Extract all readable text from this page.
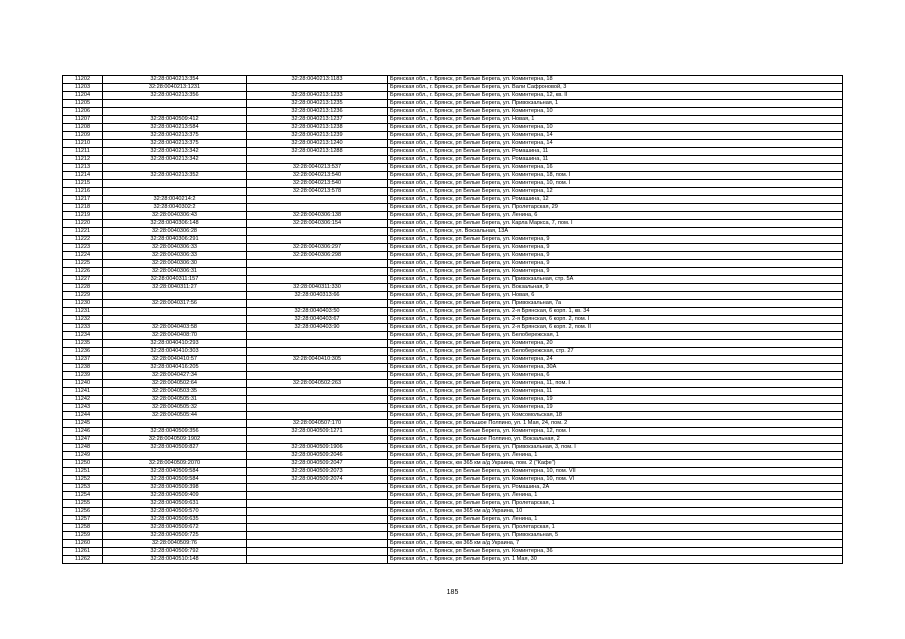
11202	32:28:0040213:354	32:28:0040213:1183	Брянская обл., г. Брянск, рп Белые Берега, ул. Коминтерна, 18
11203	32:28:0040213:1231		Брянская обл., г. Брянск, рп Белые Берега, ул. Вали Сафроновой, 3
11204	32:28:0040213:356	32:28:0040213:1233	Брянская обл., г. Брянск, рп Белые Берега, ул. Коминтерна, 12, кв. II
11205		32:28:0040213:1235	Брянская обл., г. Брянск, рп Белые Берега, ул. Привокзальная, 1
11206		32:28:0040213:1236	Брянская обл., г. Брянск, рп Белые Берега, ул. Коминтерна, 10
11207	32:28:0040509:412	32:28:0040213:1237	Брянская обл., г. Брянск, рп Белые Берега, ул. Новая, 1
11208	32:28:0040213:584	32:28:0040213:1238	Брянская обл., г. Брянск, рп Белые Берега, ул. Коминтерна, 10
11209	32:28:0040213:375	32:28:0040213:1239	Брянская обл., г. Брянск, рп Белые Берега, ул. Коминтерна, 14
11210	32:28:0040213:375	32:28:0040213:1240	Брянская обл., г. Брянск, рп Белые Берега, ул. Коминтерна, 14
11211	32:28:0040213:342	32:28:0040213:1288	Брянская обл., г. Брянск, рп Белые Берега, ул. Ромашина, 11
11212	32:28:0040213:342		Брянская обл., г. Брянск, рп Белые Берега, ул. Ромашина, 11
11213		32:28:0040213:537	Брянская обл., г. Брянск, рп Белые Берега, ул. Коминтерна, 16
11214	32:28:0040213:352	32:28:0040213:540	Брянская обл., г. Брянск, рп Белые Берега, ул. Коминтерна, 18, пом. I
11215		32:28:0040213:540	Брянская обл., г. Брянск, рп Белые Берега, ул. Коминтерна, 10, пом. I
11216		32:28:0040213:578	Брянская обл., г. Брянск, рп Белые Берега, ул. Коминтерна, 12
11217	32:28:0040214:2		Брянская обл., г. Брянск, рп Белые Берега, ул. Ромашина, 12
11218	32:28:0040302:2		Брянская обл., г. Брянск, рп Белые Берега, ул. Пролетарская, 29
11219	32:28:0040306:43	32:28:0040306:138	Брянская обл., г. Брянск, рп Белые Берега, ул. Ленина, 6
11220	32:28:0040306:148	32:28:0040306:154	Брянская обл., г. Брянск, рп Белые Берега, ул. Карла Маркса, 7, пом. I
11221	32:28:0040306:28		Брянская обл., г. Брянск, ул. Вокзальная, 13А
11222	32:28:0040306:291		Брянская обл., г. Брянск, рп Белые Берега, ул. Коминтерна, 9
11223	32:28:0040306:33	32:28:0040306:297	Брянская обл., г. Брянск, рп Белые Берега, ул. Коминтерна, 9
11224	32:28:0040306:33	32:28:0040306:298	Брянская обл., г. Брянск, рп Белые Берега, ул. Коминтерна, 9
11225	32:28:0040306:30		Брянская обл., г. Брянск, рп Белые Берега, ул. Коминтерна, 9
11226	32:28:0040306:31		Брянская обл., г. Брянск, рп Белые Берега, ул. Коминтерна, 9
11227	32:28:0040311:157		Брянская обл., г. Брянск, рп Белые Берега, ул. Привокзальная, стр. 5А
11228	32:28:0040311:27	32:28:0040311:330	Брянская обл., г. Брянск, рп Белые Берега, ул. Вокзальная, 9
11229		32:28:0040313:66	Брянская обл., г. Брянск, рп Белые Берега, ул. Новая, 6
11230	32:28:0040317:56		Брянская обл., г. Брянск, рп Белые Берега, ул. Привокзальная, 7а
11231		32:28:0040403:50	Брянская обл., г. Брянск, рп Белые Берега, ул. 2-я Брянская, 6 корп. 1, кв. 34
11232		32:28:0040403:67	Брянская обл., г. Брянск, рп Белые Берега, ул. 2-я Брянская, 6 корп. 2, пом. I
11233	32:28:0040403:58	32:28:0040403:90	Брянская обл., г. Брянск, рп Белые Берега, ул. 2-я Брянская, 6 корп. 2, пом. II
11234	32:28:0040408:70		Брянская обл., г. Брянск, рп Белые Берега, ул. Белобережская, 1
11235	32:28:0040410:293		Брянская обл., г. Брянск, рп Белые Берега, ул. Коминтерна, 20
11236	32:28:0040410:303		Брянская обл., г. Брянск, рп Белые Берега, ул. Белобережская, стр. 27
11237	32:28:0040410:57	32:28:0040410:305	Брянская обл., г. Брянск, рп Белые Берега, ул. Коминтерна, 24
11238	32:28:0040416:205		Брянская обл., г. Брянск, рп Белые Берега, ул. Коминтерна, 30А
11239	32:28:0040427:34		Брянская обл., г. Брянск, рп Белые Берега, ул. Коминтерна, 6
11240	32:28:0040502:64	32:28:0040502:263	Брянская обл., г. Брянск, рп Белые Берега, ул. Коминтерна, 11, пом. I
11241	32:28:0040503:35		Брянская обл., г. Брянск, рп Белые Берега, ул. Коминтерна, 11
11242	32:28:0040505:31		Брянская обл., г. Брянск, рп Белые Берега, ул. Коминтерна, 19
11243	32:28:0040505:32		Брянская обл., г. Брянск, рп Белые Берега, ул. Коминтерна, 19
11244	32:28:0040505:44		Брянская обл., г. Брянск, рп Белые Берега, ул. Комсомольская, 18
11245		32:28:0040507:170	Брянская обл., г. Брянск, рп Большое Полпино, ул. 1 Мая, 24, пом. 2
11246	32:28:0040509:356	32:28:0040509:1271	Брянская обл., г. Брянск, рп Белые Берега, ул. Коминтерна, 12, пом. I
11247	32:28:0040509:1902		Брянская обл., г. Брянск, рп Большое Полпино, ул. Вокзальная, 2
11248	32:28:0040509:827	32:28:0040509:1906	Брянская обл., г. Брянск, рп Белые Берега, ул. Привокзальная, 3, пом. I
11249		32:28:0040509:2046	Брянская обл., г. Брянск, рп Белые Берега, ул. Ленина, 1
11250	32:28:0040509:2070	32:28:0040509:2047	Брянская обл., г. Брянск, км 365 км а/д Украина, пом. 2 ("Кафе")
11251	32:28:0040509:584	32:28:0040509:2073	Брянская обл., г. Брянск, рп Белые Берега, ул. Коминтерна, 10, пом. VII
11252	32:28:0040509:584	32:28:0040509:2074	Брянская обл., г. Брянск, рп Белые Берега, ул. Коминтерна, 10, пом. VI
11253	32:28:0040509:398		Брянская обл., г. Брянск, рп Белые Берега, ул. Ромашина, 2А
11254	32:28:0040509:409		Брянская обл., г. Брянск, рп Белые Берега, ул. Ленина, 1
11255	32:28:0040509:631		Брянская обл., г. Брянск, рп Белые Берега, ул. Пролетарская, 1
11256	32:28:0040509:570		Брянская обл., г. Брянск, км 365 км а/д Украина, 10
11257	32:28:0040509:635		Брянская обл., г. Брянск, рп Белые Берега, ул. Ленина, 1
11258	32:28:0040509:672		Брянская обл., г. Брянск, рп Белые Берега, ул. Пролетарская, 1
11259	32:28:0040509:725		Брянская обл., г. Брянск, рп Белые Берега, ул. Привокзальная, 5
11260	32:28:0040509:76		Брянская обл., г. Брянск, км 365 км а/д Украина, 7
11261	32:28:0040509:792		Брянская обл., г. Брянск, рп Белые Берега, ул. Коминтерна, 36
11262	32:28:0040510:148		Брянская обл., г. Брянск, рп Белые Берега, ул. 1 Мая, 30
185
